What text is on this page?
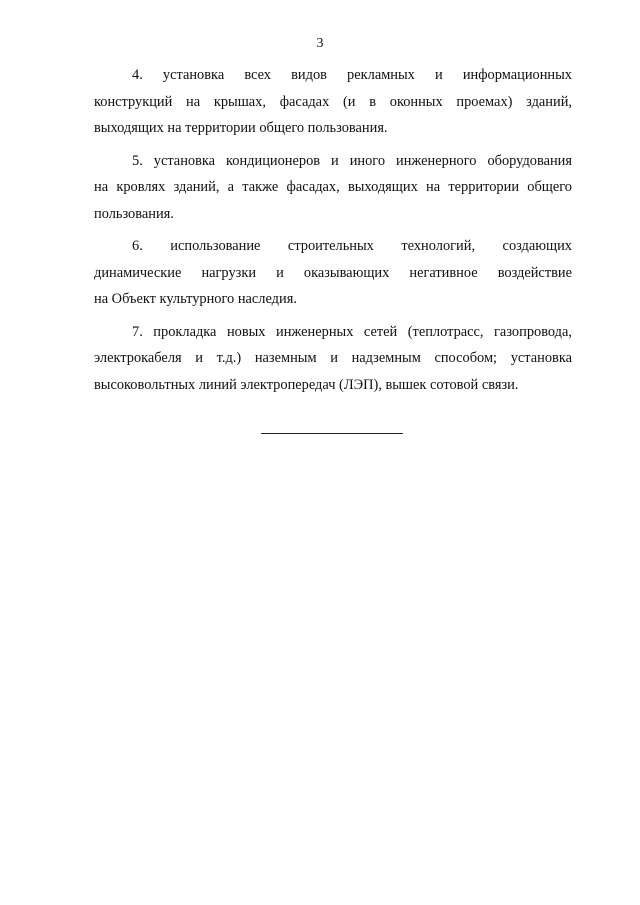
3
4. установка всех видов рекламных и информационных
конструкций на крышах, фасадах (и в оконных проемах) зданий,
выходящих на территории общего пользования.
5. установка кондиционеров и иного инженерного оборудования
на кровлях зданий, а также фасадах, выходящих на территории общего
пользования.
6. использование строительных технологий, создающих
динамические нагрузки и оказывающих негативное воздействие
на Объект культурного наследия.
7. прокладка новых инженерных сетей (теплотрасс, газопровода,
электрокабеля и т.д.) наземным и надземным способом; установка
высоковольтных линий электропередач (ЛЭП), вышек сотовой связи.
